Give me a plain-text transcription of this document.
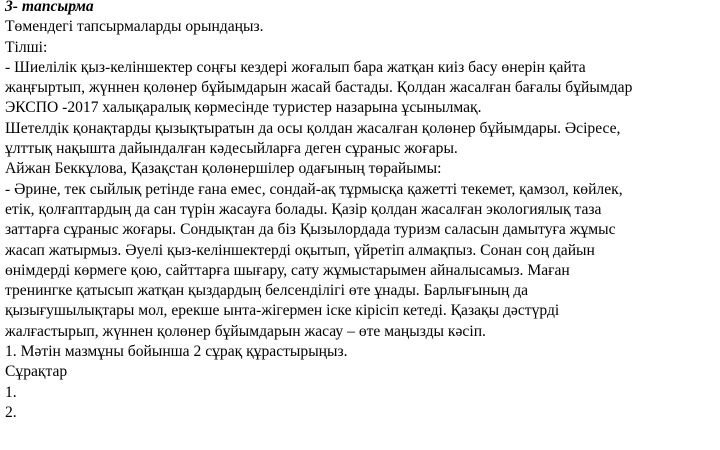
3- тапсырма
Төмендегі тапсырмаларды орындаңыз.
Тілші:
- Шиелілік қыз-келіншектер соңғы кездері жоғалып бара жатқан киіз басу өнерін қайта
жаңғыртып, жүннен қолөнер бұйымдарын жасай бастады. Қолдан жасалған бағалы бұйымдар
ЭКСПО -2017 халықаралық көрмесінде туристер назарына ұсынылмақ.
Шетелдік қонақтарды қызықтыратын да осы қолдан жасалған қолөнер бұйымдары. Әсіресе,
ұлттық нақышта дайындалған кәдесыйларға деген сұраныс жоғары.
Айжан Беккұлова, Қазақстан қолөнершілер одағының төрайымы:
- Әрине, тек сыйлық ретінде ғана емес, сондай-ақ тұрмысқа қажетті текемет, қамзол, көйлек,
етік, қолғаптардың да сан түрін жасауға болады. Қазір қолдан жасалған экологиялық таза
заттарға сұраныс жоғары. Сондықтан да біз Қызылордада туризм саласын дамытуға жұмыс
жасап жатырмыз. Әуелі қыз-келіншектерді оқытып, үйретіп алмақпыз. Сонан соң дайын
өнімдерді көрмеге қою, сайттарға шығару, сату жұмыстарымен айналысамыз. Маған
тренингке қатысып жатқан қыздардың белсенділігі өте ұнады. Барлығының да
қызығушылықтары мол, ерекше ынта-жігермен іске кірісіп кетеді. Қазақы дәстүрді
жалғастырып, жүннен қолөнер бұйымдарын жасау – өте маңызды кәсіп.
1. Мәтін мазмұны бойынша 2 сұрақ құрастырыңыз.
Сұрақтар
1.
2.
